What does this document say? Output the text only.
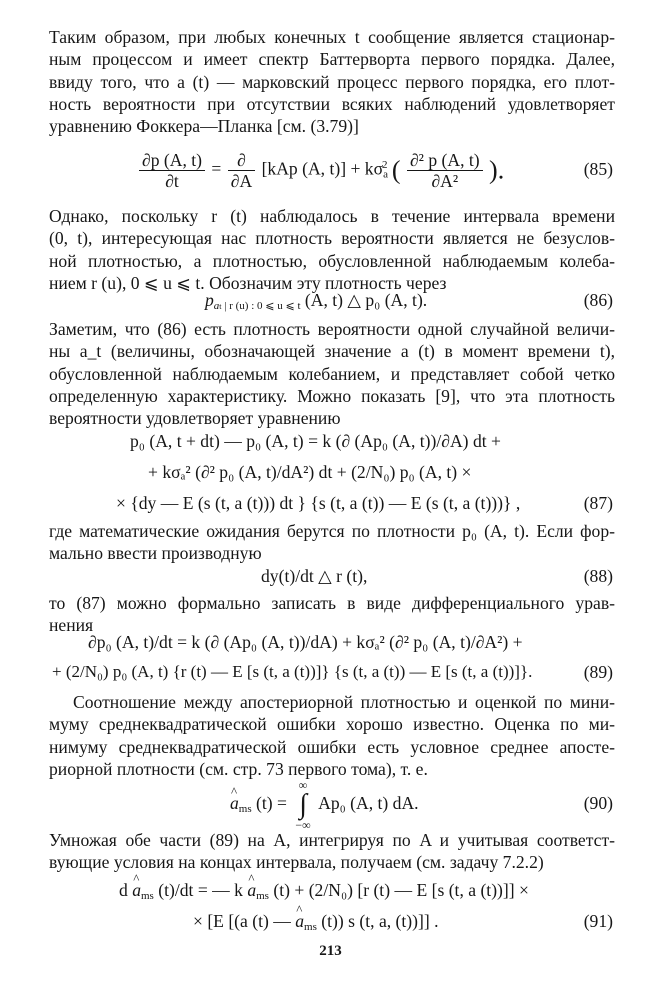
Таким образом, при любых конечных t сообщение является стационар-
ным процессом и имеет спектр Баттерворта первого порядка. Далее,
ввиду того, что a (t) — марковский процесс первого порядка, его плот-
ность вероятности при отсутствии всяких наблюдений удовлетворяет
уравнению Фоккера—Планка [см. (3.79)]
$\frac{\partial p (A, t)}{\partial t} = \frac{\partial}{\partial A} [kAp$ (A, $t)] + k\sigma_a^2$ ( $\frac{\text{∂² p (A, t)}}{\text{∂A²}}$ ).	(85)
Однако, поскольку r (t) наблюдалось в течение интервала времени
(0, t), интересующая нас плотность вероятности является не безуслов-
ной плотностью, а плотностью, обусловленной наблюдаемым колеба-
нием r (u), 0 ⩽ u ⩽ t. Обозначим эту плотность через
$p_{at | r (u) : 0 ⩽ u ⩽ t}$ (A, t) △ p₀ (A, t).	(86)
Заметим, что (86) есть плотность вероятности одной случайной величи-
ны a_t (величины, обозначающей значение a (t) в момент времени t),
обусловленной наблюдаемым колебанием, и представляет собой четко
определенную характеристику. Можно показать [9], что эта плотность
вероятности удовлетворяет уравнению
p₀ (A, t + dt) — p₀ (A, t) = k (∂ (Ap₀ (A, t))/∂A) dt +
+ kσₐ² (∂² p₀ (A, t)/dA²) dt + (2/N₀) p₀ (A, t) ×
× {dy — E (s (t, a (t))) dt } {s (t, a (t)) — E (s (t, a (t)))} ,	(87)
где математические ожидания берутся по плотности p₀ (A, t). Если фор-
мально ввести производную
dy(t)/dt △ r (t),	(88)
то (87) можно формально записать в виде дифференциального урав-
нения
∂p₀ (A, t)/dt = k (∂ (Ap₀ (A, t))/dA) + kσₐ² (∂² p₀ (A, t)/∂A²) +
+ (2/N₀) p₀ (A, t) {r (t) — E [s (t, a (t))]} {s (t, a (t)) — E [s (t, a (t))]}.	(89)
Соотношение между апостериорной плотностью и оценкой по мини-
муму среднеквадратической ошибки хорошо известно. Оценка по ми-
нимуму среднеквадратической ошибки есть условное среднее апосте-
риорной плотности (см. стр. 73 первого тома), т. е.
^ $a_{ms}$ (t) =
∞
∫
−∞
Ap₀ (A, t) dA.	(90)
Умножая обе части (89) на A, интегрируя по A и учитывая соответст-
вующие условия на концах интервала, получаем (см. задачу 7.2.2)
d ^ $a_{ms}$ (t)/dt = — k ^ $a_{ms}$ (t) + (2/N₀) [r (t) — E [s (t, a (t))]] ×
× [E [(a (t) — ^ $a_{ms}$ (t)) s (t, a, (t))]] .	(91)
213
